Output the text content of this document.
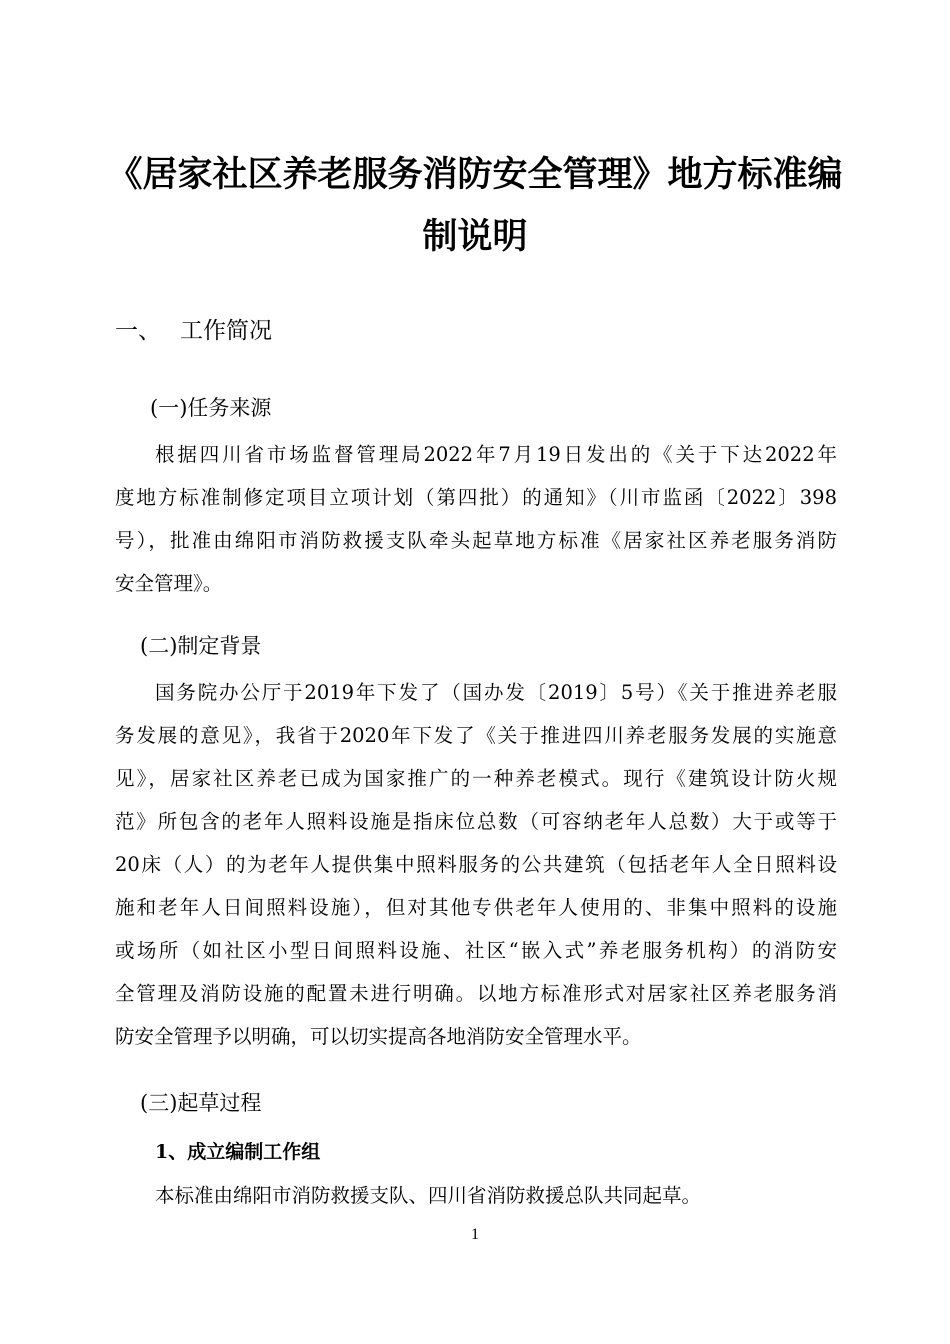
《居家社区养老服务消防安全管理》地方标准编
制说明
一、 工作简况
(一)任务来源
根据四川省市场监督管理局2022年7月19日发出的《关于下达2022年
度地方标准制修定项目立项计划（第四批）的通知》（川市监函〔2022〕398
号），批准由绵阳市消防救援支队牵头起草地方标准《居家社区养老服务消防
安全管理》。
(二)制定背景
国务院办公厅于2019年下发了（国办发〔2019〕5号）《关于推进养老服
务发展的意见》，我省于2020年下发了《关于推进四川养老服务发展的实施意
见》，居家社区养老已成为国家推广的一种养老模式。现行《建筑设计防火规
范》所包含的老年人照料设施是指床位总数（可容纳老年人总数）大于或等于
20床（人）的为老年人提供集中照料服务的公共建筑（包括老年人全日照料设
施和老年人日间照料设施），但对其他专供老年人使用的、非集中照料的设施
或场所（如社区小型日间照料设施、社区“嵌入式”养老服务机构）的消防安
全管理及消防设施的配置未进行明确。以地方标准形式对居家社区养老服务消
防安全管理予以明确，可以切实提高各地消防安全管理水平。
(三)起草过程
1、成立编制工作组
本标准由绵阳市消防救援支队、四川省消防救援总队共同起草。
1
